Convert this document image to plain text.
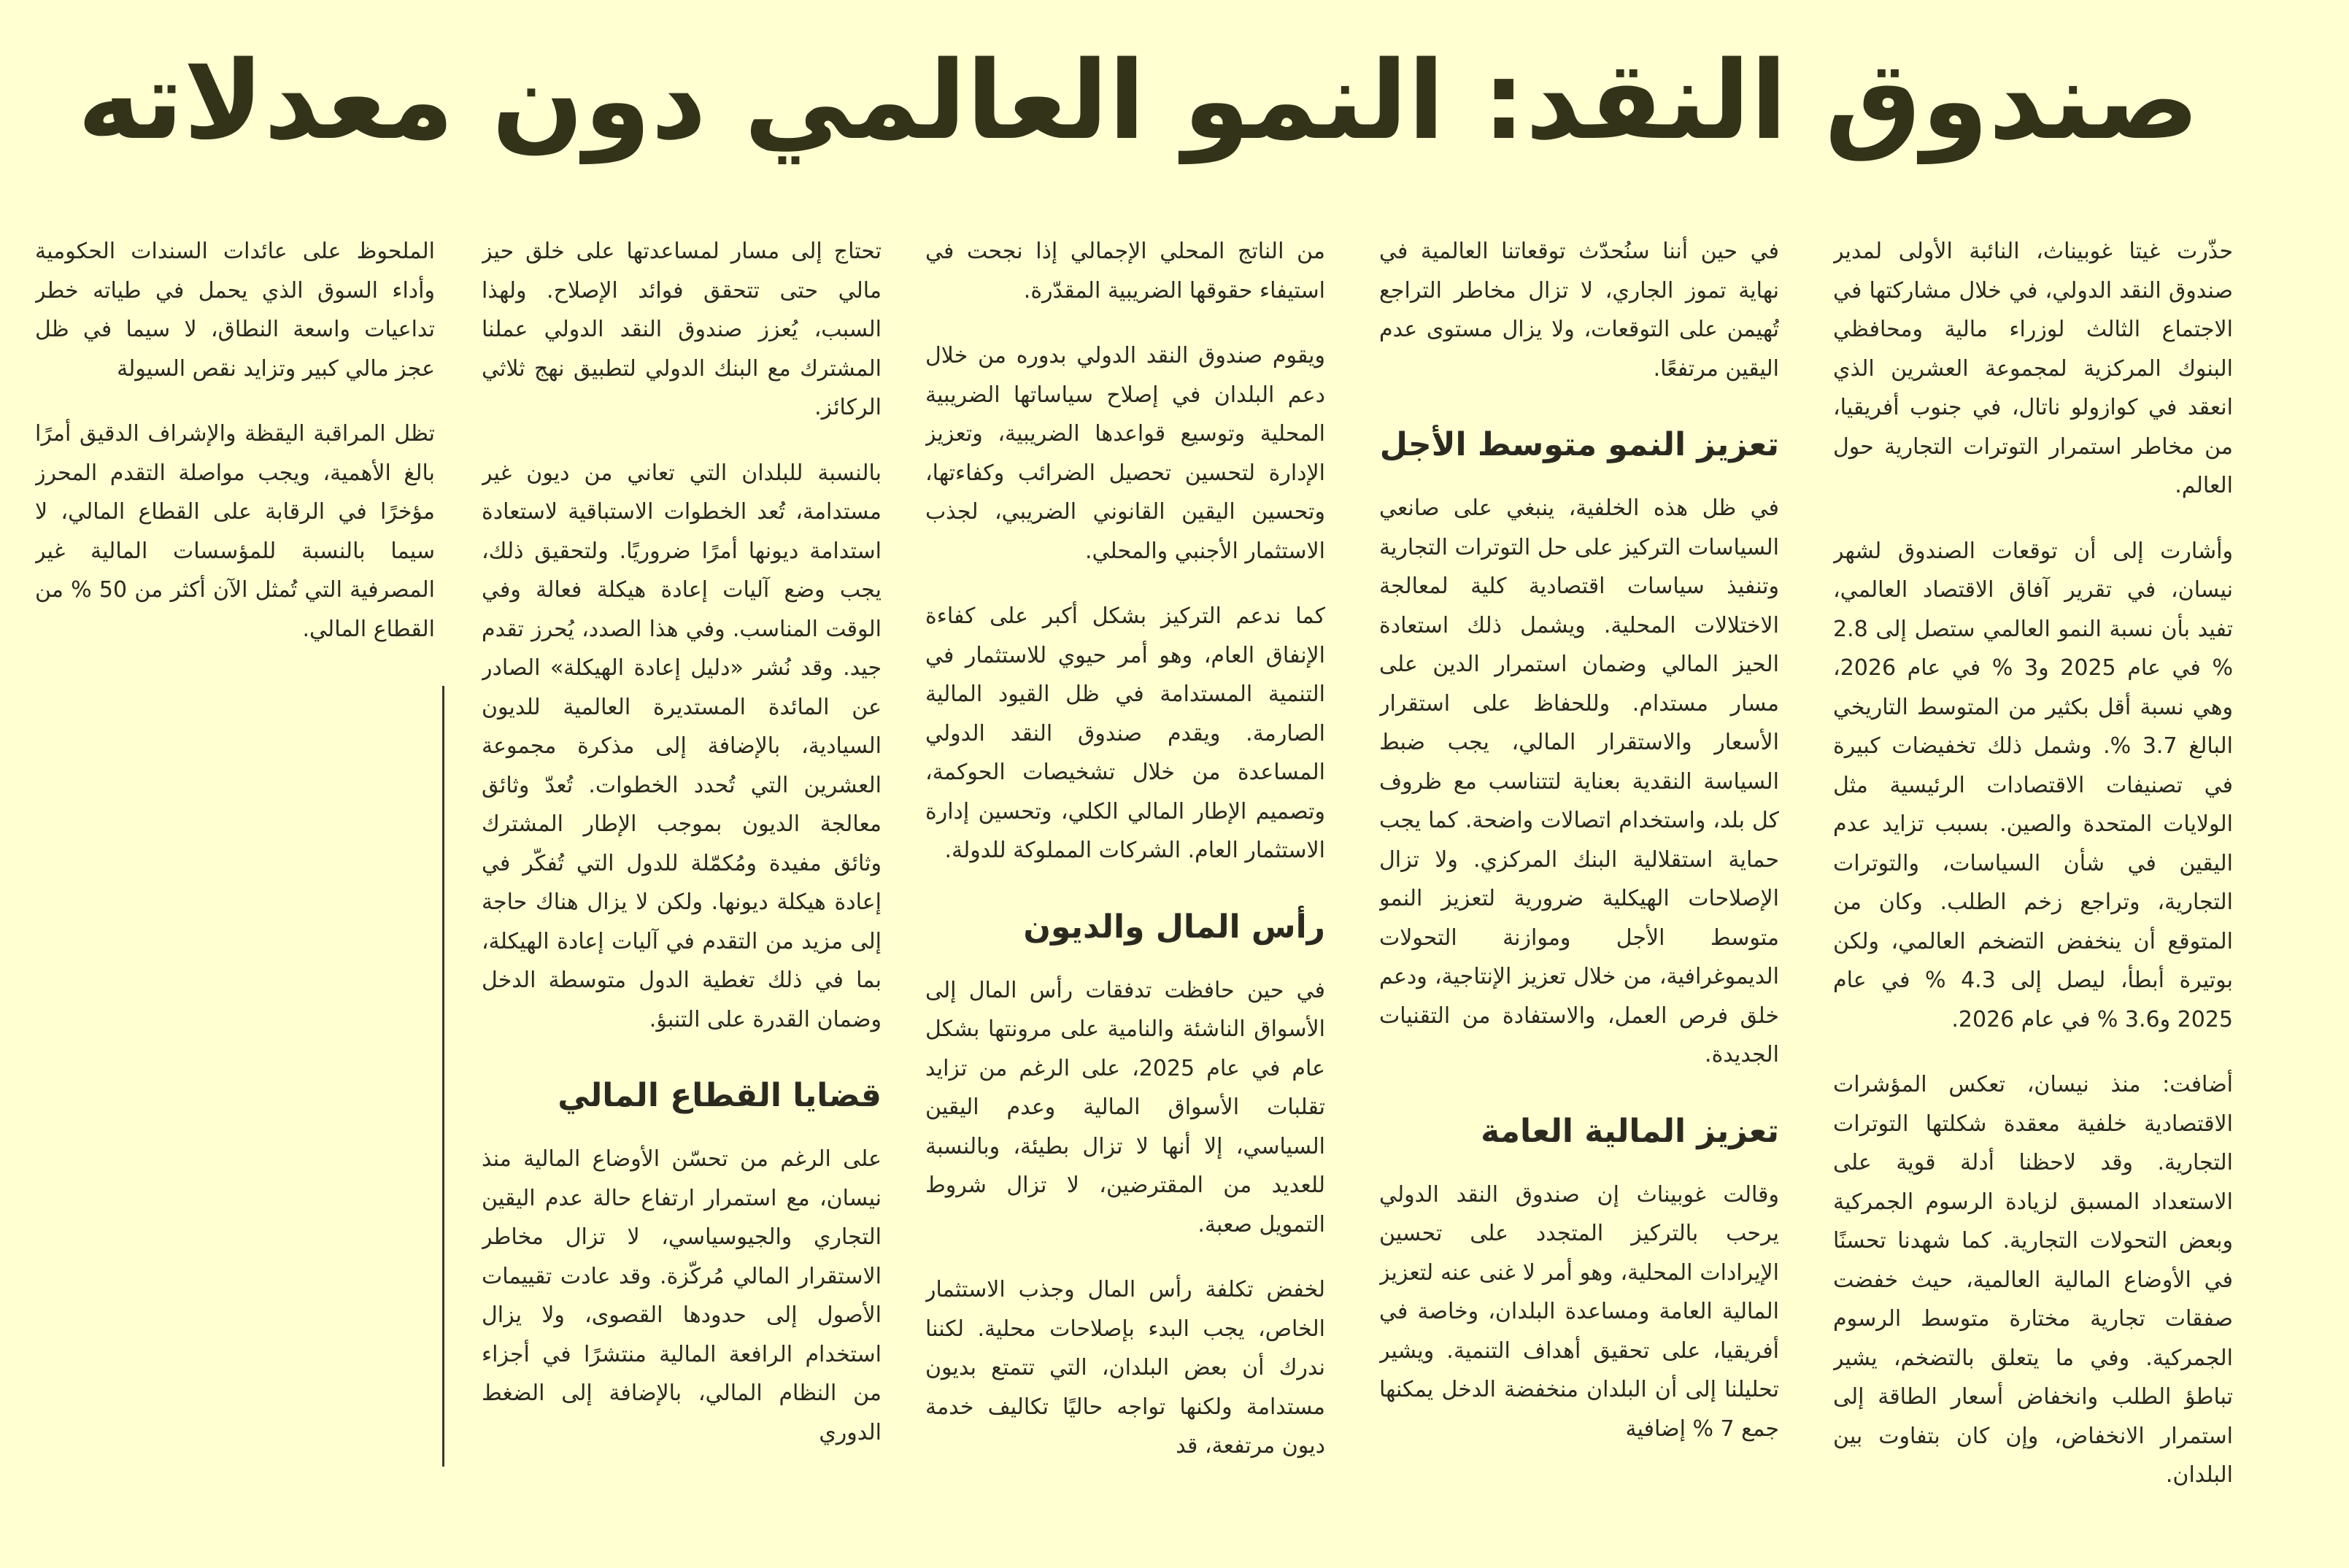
صندوق النقد: النمو العالمي دون معدلاته

حذّرت غيتا غوبيناث، النائبة الأولى لمدير صندوق النقد الدولي، في خلال مشاركتها في الاجتماع الثالث لوزراء مالية ومحافظي البنوك المركزية لمجموعة العشرين الذي انعقد في كوازولو ناتال، في جنوب أفريقيا، من مخاطر استمرار التوترات التجارية حول العالم.

وأشارت إلى أن توقعات الصندوق لشهر نيسان، في تقرير آفاق الاقتصاد العالمي، تفيد بأن نسبة النمو العالمي ستصل إلى 2.8 % في عام 2025 و3 % في عام 2026، وهي نسبة أقل بكثير من المتوسط التاريخي البالغ 3.7 %. وشمل ذلك تخفيضات كبيرة في تصنيفات الاقتصادات الرئيسية مثل الولايات المتحدة والصين. بسبب تزايد عدم اليقين في شأن السياسات، والتوترات التجارية، وتراجع زخم الطلب. وكان من المتوقع أن ينخفض التضخم العالمي، ولكن بوتيرة أبطأ، ليصل إلى 4.3 % في عام 2025 و3.6 % في عام 2026.

أضافت: منذ نيسان، تعكس المؤشرات الاقتصادية خلفية معقدة شكلتها التوترات التجارية. وقد لاحظنا أدلة قوية على الاستعداد المسبق لزيادة الرسوم الجمركية وبعض التحولات التجارية. كما شهدنا تحسنًا في الأوضاع المالية العالمية، حيث خفضت صفقات تجارية مختارة متوسط الرسوم الجمركية. وفي ما يتعلق بالتضخم، يشير تباطؤ الطلب وانخفاض أسعار الطاقة إلى استمرار الانخفاض، وإن كان بتفاوت بين البلدان.

في حين أننا سنُحدّث توقعاتنا العالمية في نهاية تموز الجاري، لا تزال مخاطر التراجع تُهيمن على التوقعات، ولا يزال مستوى عدم اليقين مرتفعًا.

تعزيز النمو متوسط الأجل

في ظل هذه الخلفية، ينبغي على صانعي السياسات التركيز على حل التوترات التجارية وتنفيذ سياسات اقتصادية كلية لمعالجة الاختلالات المحلية. ويشمل ذلك استعادة الحيز المالي وضمان استمرار الدين على مسار مستدام. وللحفاظ على استقرار الأسعار والاستقرار المالي، يجب ضبط السياسة النقدية بعناية لتتناسب مع ظروف كل بلد، واستخدام اتصالات واضحة. كما يجب حماية استقلالية البنك المركزي. ولا تزال الإصلاحات الهيكلية ضرورية لتعزيز النمو متوسط الأجل وموازنة التحولات الديموغرافية، من خلال تعزيز الإنتاجية، ودعم خلق فرص العمل، والاستفادة من التقنيات الجديدة.

تعزيز المالية العامة

وقالت غوبيناث إن صندوق النقد الدولي يرحب بالتركيز المتجدد على تحسين الإيرادات المحلية، وهو أمر لا غنى عنه لتعزيز المالية العامة ومساعدة البلدان، وخاصة في أفريقيا، على تحقيق أهداف التنمية. ويشير تحليلنا إلى أن البلدان منخفضة الدخل يمكنها جمع 7 % إضافية

من الناتج المحلي الإجمالي إذا نجحت في استيفاء حقوقها الضريبية المقدّرة.

ويقوم صندوق النقد الدولي بدوره من خلال دعم البلدان في إصلاح سياساتها الضريبية المحلية وتوسيع قواعدها الضريبية، وتعزيز الإدارة لتحسين تحصيل الضرائب وكفاءتها، وتحسين اليقين القانوني الضريبي، لجذب الاستثمار الأجنبي والمحلي.

كما ندعم التركيز بشكل أكبر على كفاءة الإنفاق العام، وهو أمر حيوي للاستثمار في التنمية المستدامة في ظل القيود المالية الصارمة. ويقدم صندوق النقد الدولي المساعدة من خلال تشخيصات الحوكمة، وتصميم الإطار المالي الكلي، وتحسين إدارة الاستثمار العام. الشركات المملوكة للدولة.

رأس المال والديون

في حين حافظت تدفقات رأس المال إلى الأسواق الناشئة والنامية على مرونتها بشكل عام في عام 2025، على الرغم من تزايد تقلبات الأسواق المالية وعدم اليقين السياسي، إلا أنها لا تزال بطيئة، وبالنسبة للعديد من المقترضين، لا تزال شروط التمويل صعبة.

لخفض تكلفة رأس المال وجذب الاستثمار الخاص، يجب البدء بإصلاحات محلية. لكننا ندرك أن بعض البلدان، التي تتمتع بديون مستدامة ولكنها تواجه حاليًا تكاليف خدمة ديون مرتفعة، قد

تحتاج إلى مسار لمساعدتها على خلق حيز مالي حتى تتحقق فوائد الإصلاح. ولهذا السبب، يُعزز صندوق النقد الدولي عملنا المشترك مع البنك الدولي لتطبيق نهج ثلاثي الركائز.

بالنسبة للبلدان التي تعاني من ديون غير مستدامة، تُعد الخطوات الاستباقية لاستعادة استدامة ديونها أمرًا ضروريًا. ولتحقيق ذلك، يجب وضع آليات إعادة هيكلة فعالة وفي الوقت المناسب. وفي هذا الصدد، يُحرز تقدم جيد. وقد نُشر «دليل إعادة الهيكلة» الصادر عن المائدة المستديرة العالمية للديون السيادية، بالإضافة إلى مذكرة مجموعة العشرين التي تُحدد الخطوات. تُعدّ وثائق معالجة الديون بموجب الإطار المشترك وثائق مفيدة ومُكمّلة للدول التي تُفكّر في إعادة هيكلة ديونها. ولكن لا يزال هناك حاجة إلى مزيد من التقدم في آليات إعادة الهيكلة، بما في ذلك تغطية الدول متوسطة الدخل وضمان القدرة على التنبؤ.

قضايا القطاع المالي

على الرغم من تحسّن الأوضاع المالية منذ نيسان، مع استمرار ارتفاع حالة عدم اليقين التجاري والجيوسياسي، لا تزال مخاطر الاستقرار المالي مُركّزة. وقد عادت تقييمات الأصول إلى حدودها القصوى، ولا يزال استخدام الرافعة المالية منتشرًا في أجزاء من النظام المالي، بالإضافة إلى الضغط الدوري

الملحوظ على عائدات السندات الحكومية وأداء السوق الذي يحمل في طياته خطر تداعيات واسعة النطاق، لا سيما في ظل عجز مالي كبير وتزايد نقص السيولة

تظل المراقبة اليقظة والإشراف الدقيق أمرًا بالغ الأهمية، ويجب مواصلة التقدم المحرز مؤخرًا في الرقابة على القطاع المالي، لا سيما بالنسبة للمؤسسات المالية غير المصرفية التي تُمثل الآن أكثر من 50 % من القطاع المالي.
